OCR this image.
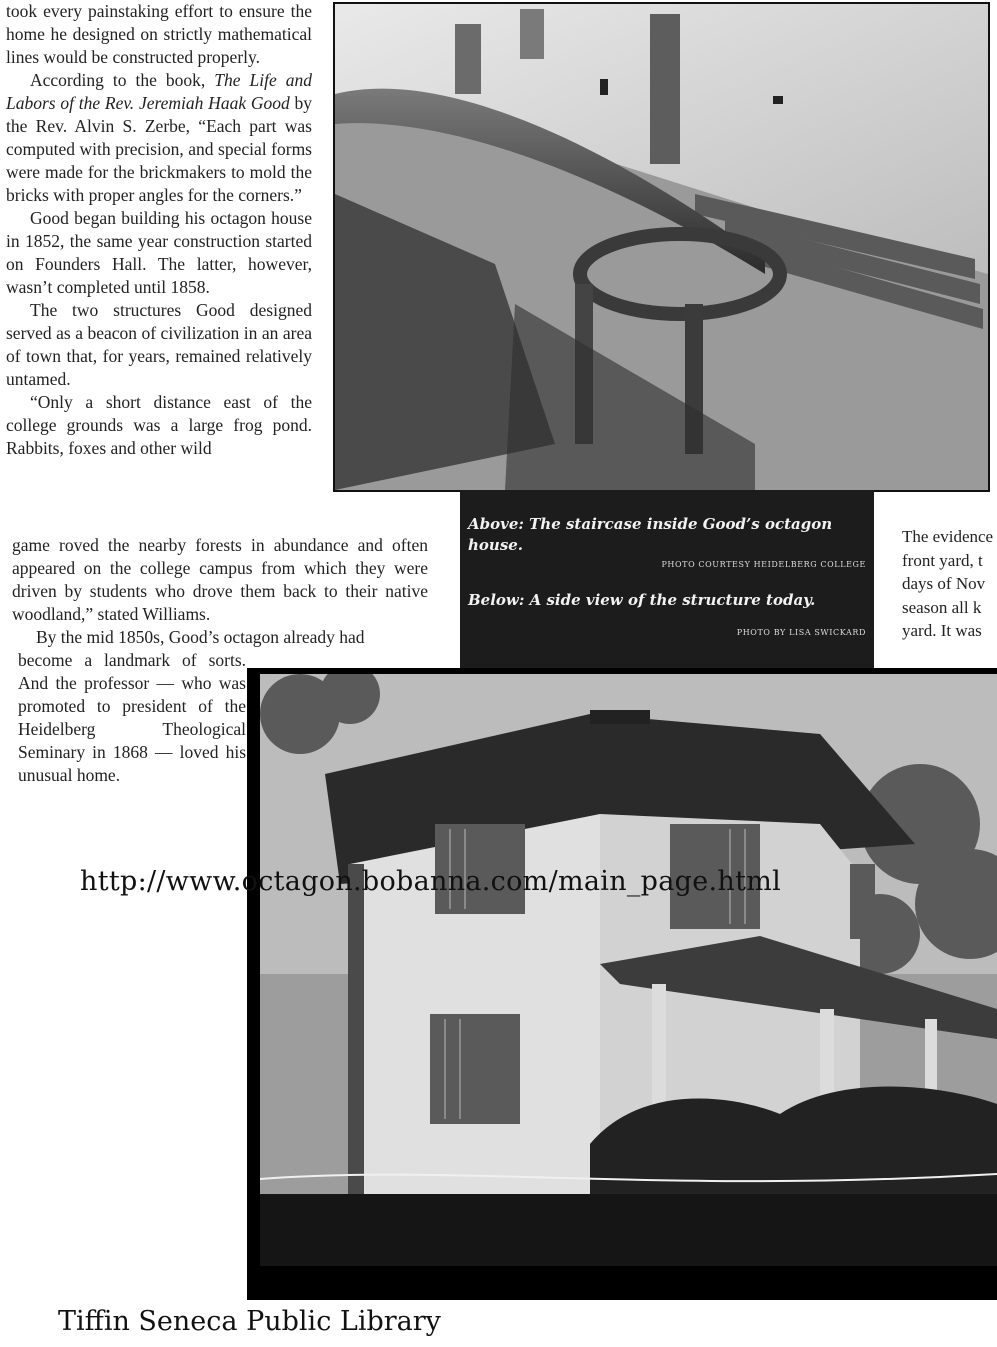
took every painstaking effort to ensure the home he designed on strictly mathematical lines would be constructed properly.

According to the book, The Life and Labors of the Rev. Jeremiah Haak Good by the Rev. Alvin S. Zerbe, “Each part was computed with precision, and special forms were made for the brickmakers to mold the bricks with proper angles for the corners.”

Good began building his octagon house in 1852, the same year construction started on Founders Hall. The latter, however, wasn’t completed until 1858.

The two structures Good designed served as a beacon of civilization in an area of town that, for years, remained relatively untamed.

“Only a short distance east of the college grounds was a large frog pond. Rabbits, foxes and other wild

game roved the nearby forests in abundance and often appeared on the college campus from which they were driven by students who drove them back to their native woodland,” stated Williams.

By the mid 1850s, Good’s octagon already had

become a landmark of sorts. And the professor — who was promoted to president of the Heidelberg Theological Seminary in 1868 — loved his unusual home.

Above: The staircase inside Good’s octagon house.
PHOTO COURTESY HEIDELBERG COLLEGE
Below: A side view of the structure today.
PHOTO BY LISA SWICKARD
The evidence
front yard, t
days of Nov
season all k
yard. It was
http://www.octagon.bobanna.com/main_page.html
Tiffin Seneca Public Library
